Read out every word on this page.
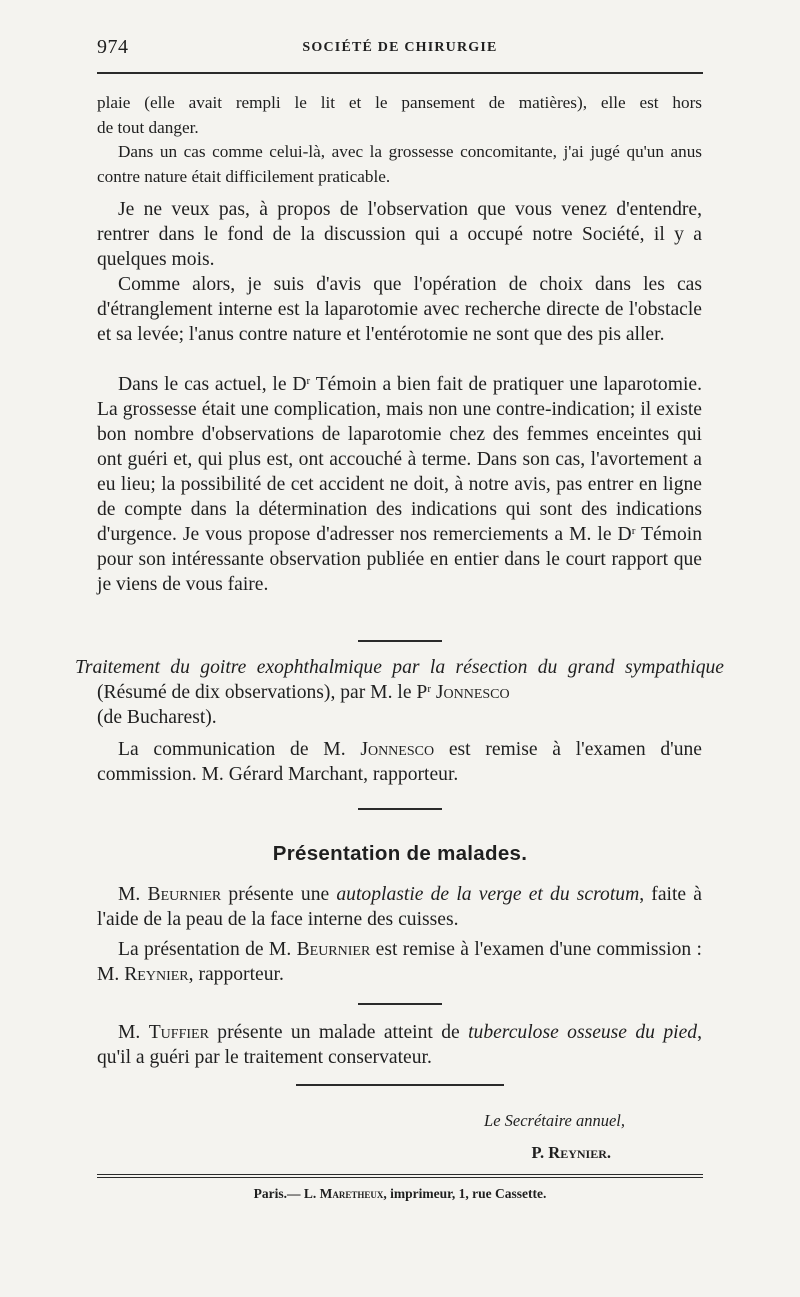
974	SOCIÉTÉ DE CHIRURGIE
plaie (elle avait rempli le lit et le pansement de matières), elle est hors
de tout danger.

Dans un cas comme celui-là, avec la grossesse concomitante, j'ai jugé qu'un anus contre nature était difficilement praticable.

Je ne veux pas, à propos de l'observation que vous venez d'entendre, rentrer dans le fond de la discussion qui a occupé notre Société, il y a quelques mois.

Comme alors, je suis d'avis que l'opération de choix dans les cas d'étranglement interne est la laparotomie avec recherche directe de l'obstacle et sa levée; l'anus contre nature et l'entérotomie ne sont que des pis aller.

Dans le cas actuel, le $D^r$ Témoin a bien fait de pratiquer une laparotomie. La grossesse était une complication, mais non une contre-indication; il existe bon nombre d'observations de laparotomie chez des femmes enceintes qui ont guéri et, qui plus est, ont accouché à terme. Dans son cas, l'avortement a eu lieu; la possibilité de cet accident ne doit, à notre avis, pas entrer en ligne de compte dans la détermination des indications qui sont des indications d'urgence. Je vous propose d'adresser nos remerciements a M. le $D^r$ Témoin pour son intéressante observation publiée en entier dans le court rapport que je viens de vous faire.

Traitement du goitre exophthalmique par la résection du grand sympathique (Résumé de dix observations), par M. le $P^r$ Jonnesco
(de Bucharest).

La communication de M. Jonnesco est remise à l'examen d'une commission. M. Gérard Marchant, rapporteur.

Présentation de malades.

M. Beurnier présente une autoplastie de la verge et du scrotum, faite à l'aide de la peau de la face interne des cuisses.

La présentation de M. Beurnier est remise à l'examen d'une commission : M. Reynier, rapporteur.

M. Tuffier présente un malade atteint de tuberculose osseuse du pied, qu'il a guéri par le traitement conservateur.

Le Secrétaire annuel,
P. Reynier.
Paris.— L. Maretheux, imprimeur, 1, rue Cassette.
